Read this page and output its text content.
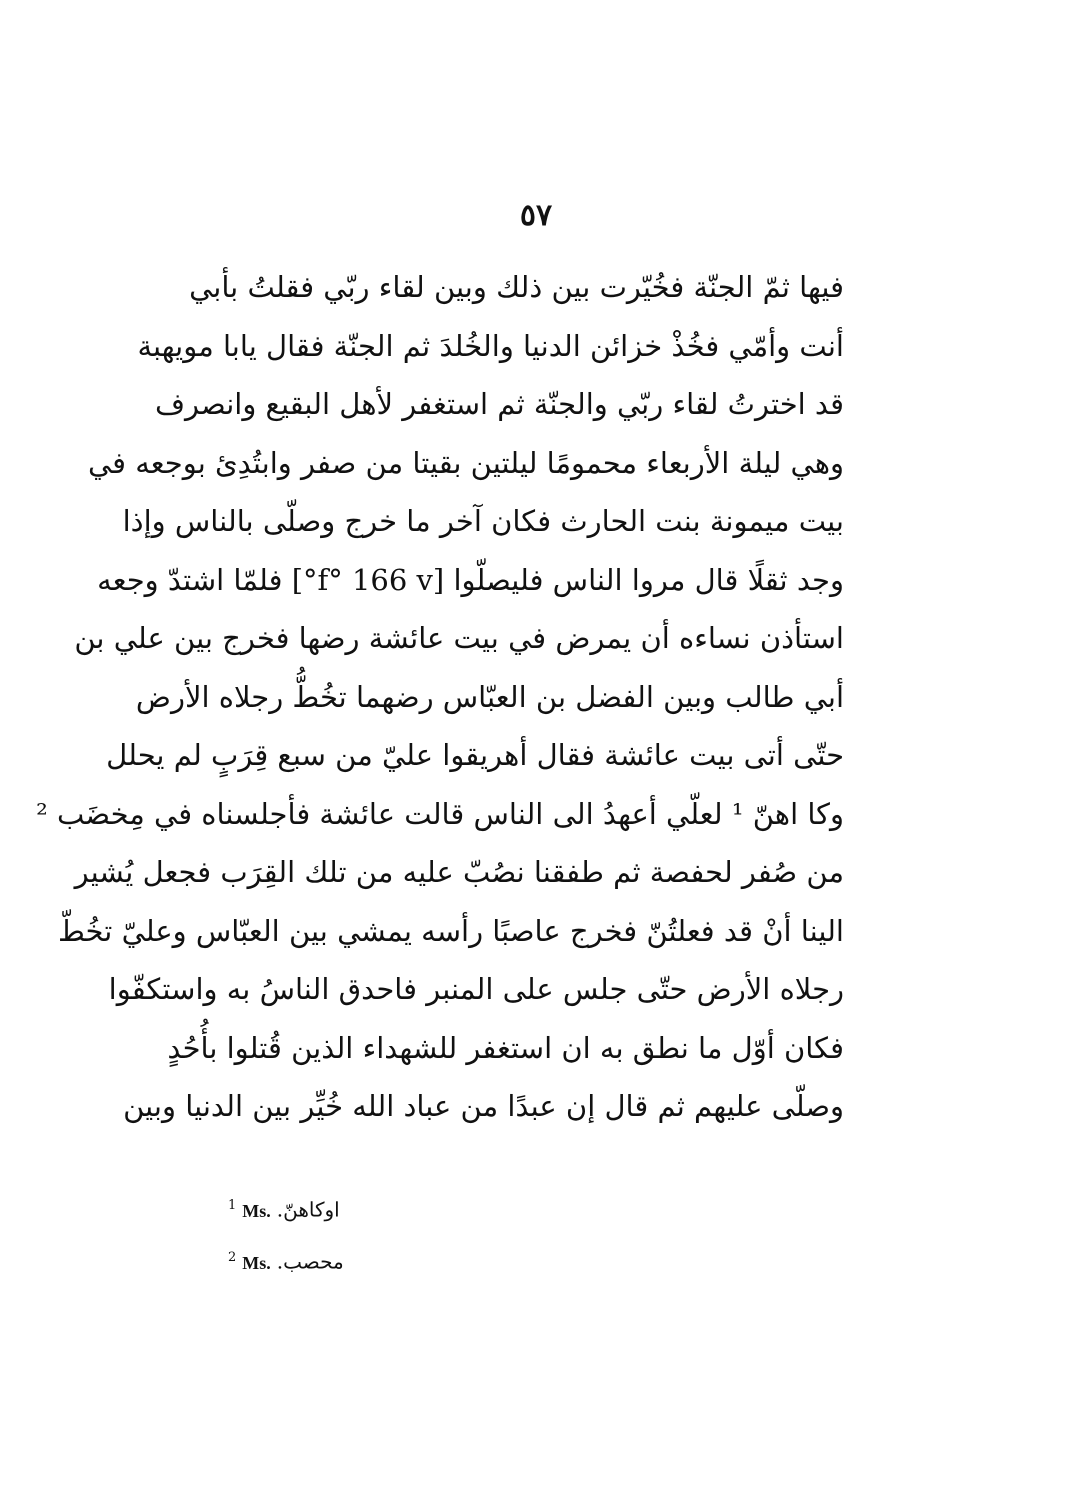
٥٧
فيها ثمّ الجنّة فخُيّرت بين ذلك وبين لقاء ربّي فقلتُ بأبي
أنت وأمّي فخُذْ خزائن الدنيا والخُلدَ ثم الجنّة فقال يابا مويهبة
قد اخترتُ لقاء ربّي والجنّة ثم استغفر لأهل البقيع وانصرف
وهي ليلة الأربعاء محمومًا ليلتين بقيتا من صفر وابتُدِئ بوجعه في
بيت ميمونة بنت الحارث فكان آخر ما خرج وصلّى بالناس وإذا
وجد ثقلًا قال مروا الناس فليصلّوا [f° 166 v°] فلمّا اشتدّ وجعه
استأذن نساءه أن يمرض في بيت عائشة رضها فخرج بين علي بن
أبي طالب وبين الفضل بن العبّاس رضهما تخُطُّ رجلاه الأرض
حتّى أتى بيت عائشة فقال أهريقوا عليّ من سبع قِرَبٍ لم يحلل
وكا اهنّ ¹ لعلّي أعهدُ الى الناس قالت عائشة فأجلسناه في مِخضَب ²
من صُفر لحفصة ثم طفقنا نصُبّ عليه من تلك القِرَب فجعل يُشير
الينا أنْ قد فعلتُنّ فخرج عاصبًا رأسه يمشي بين العبّاس وعليّ تخُطّ
رجلاه الأرض حتّى جلس على المنبر فاحدق الناسُ به واستكفّوا
فكان أوّل ما نطق به ان استغفر للشهداء الذين قُتلوا بأُحُدٍ
وصلّى عليهم ثم قال إن عبدًا من عباد الله خُيِّر بين الدنيا وبين
$^1$ Ms. اوكاهنّ.
$^2$ Ms. محصب.
